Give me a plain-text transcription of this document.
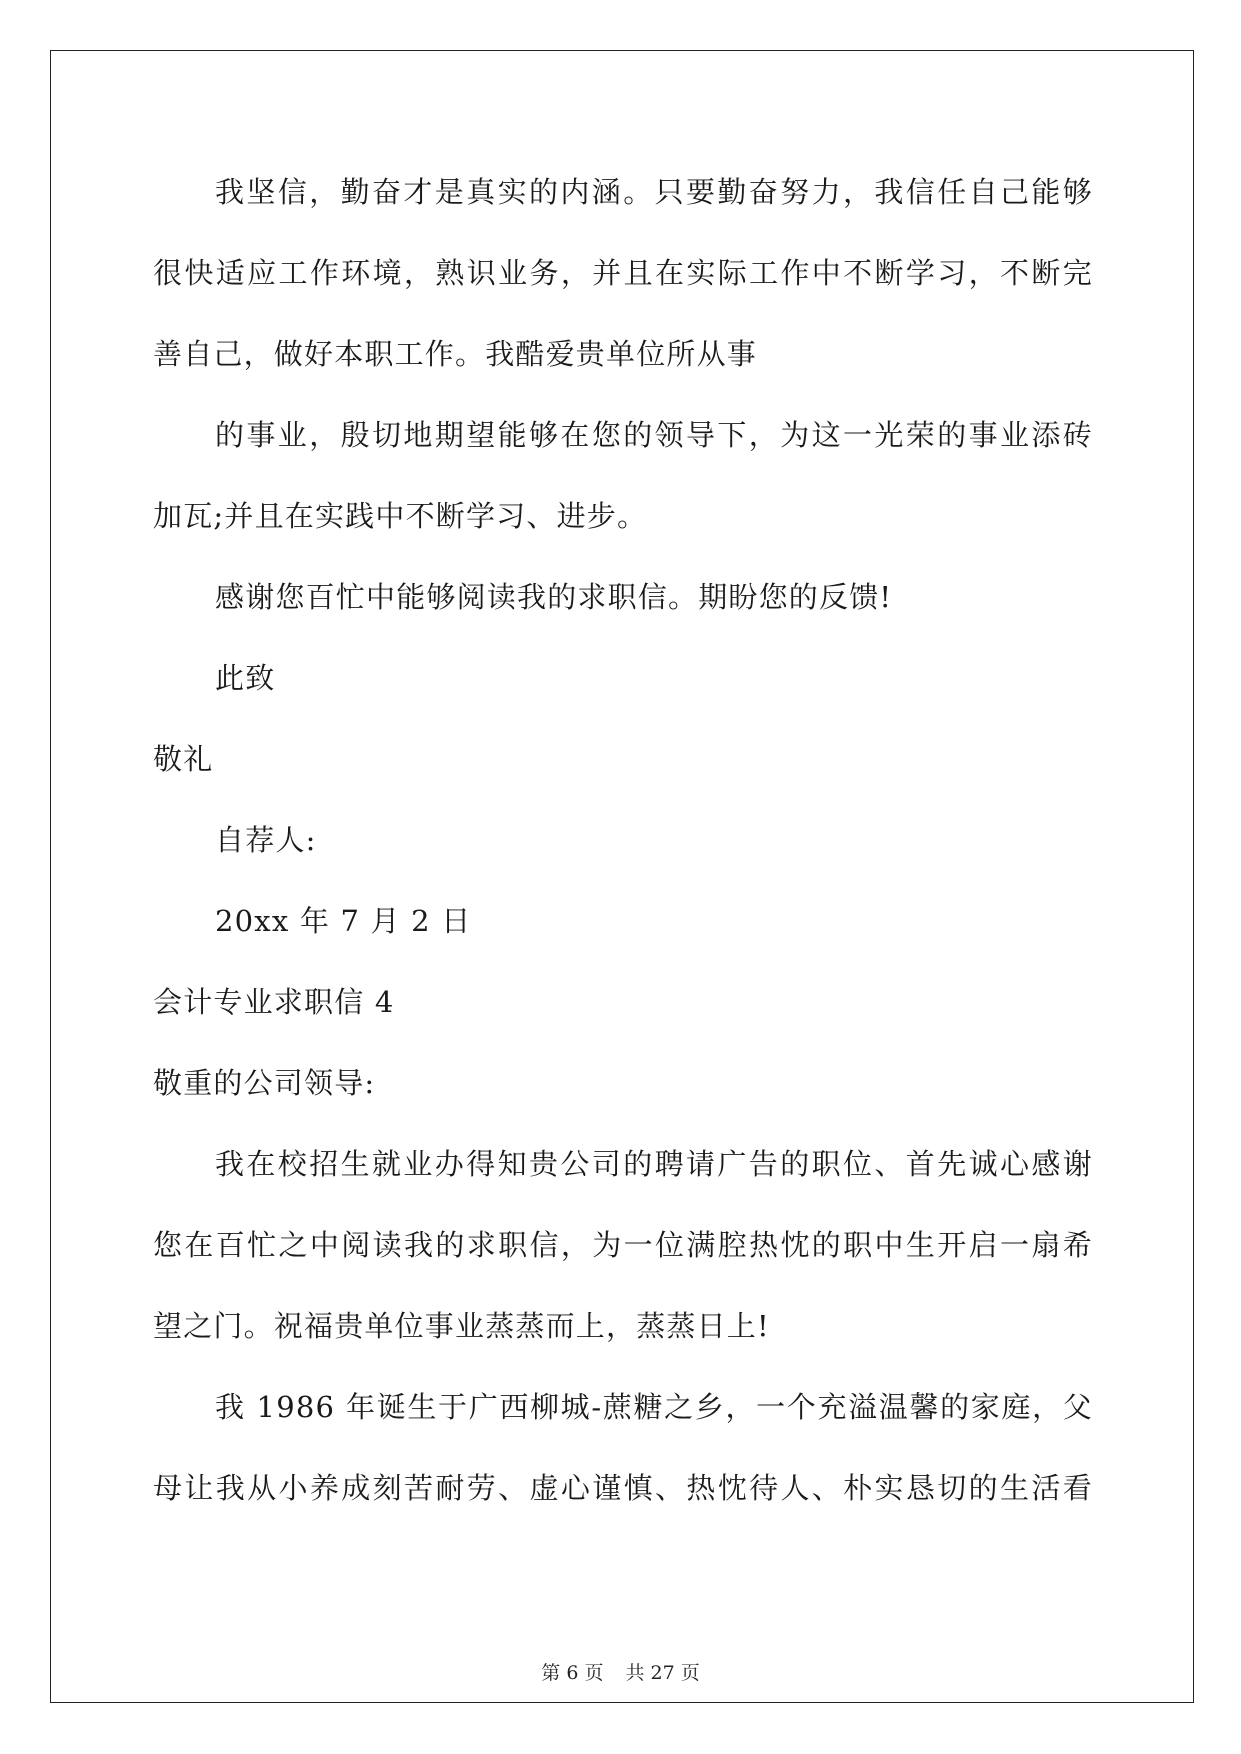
我坚信，勤奋才是真实的内涵。只要勤奋努力，我信任自己能够
很快适应工作环境，熟识业务，并且在实际工作中不断学习，不断完
善自己，做好本职工作。我酷爱贵单位所从事
的事业，殷切地期望能够在您的领导下，为这一光荣的事业添砖
加瓦;并且在实践中不断学习、进步。
感谢您百忙中能够阅读我的求职信。期盼您的反馈!
此致
敬礼
自荐人:
20xx 年 7 月 2 日
会计专业求职信 4
敬重的公司领导:
我在校招生就业办得知贵公司的聘请广告的职位、首先诚心感谢
您在百忙之中阅读我的求职信，为一位满腔热忱的职中生开启一扇希
望之门。祝福贵单位事业蒸蒸而上，蒸蒸日上!
我 1986 年诞生于广西柳城-蔗糖之乡，一个充溢温馨的家庭，父
母让我从小养成刻苦耐劳、虚心谨慎、热忱待人、朴实恳切的生活看
第 6 页 共 27 页
